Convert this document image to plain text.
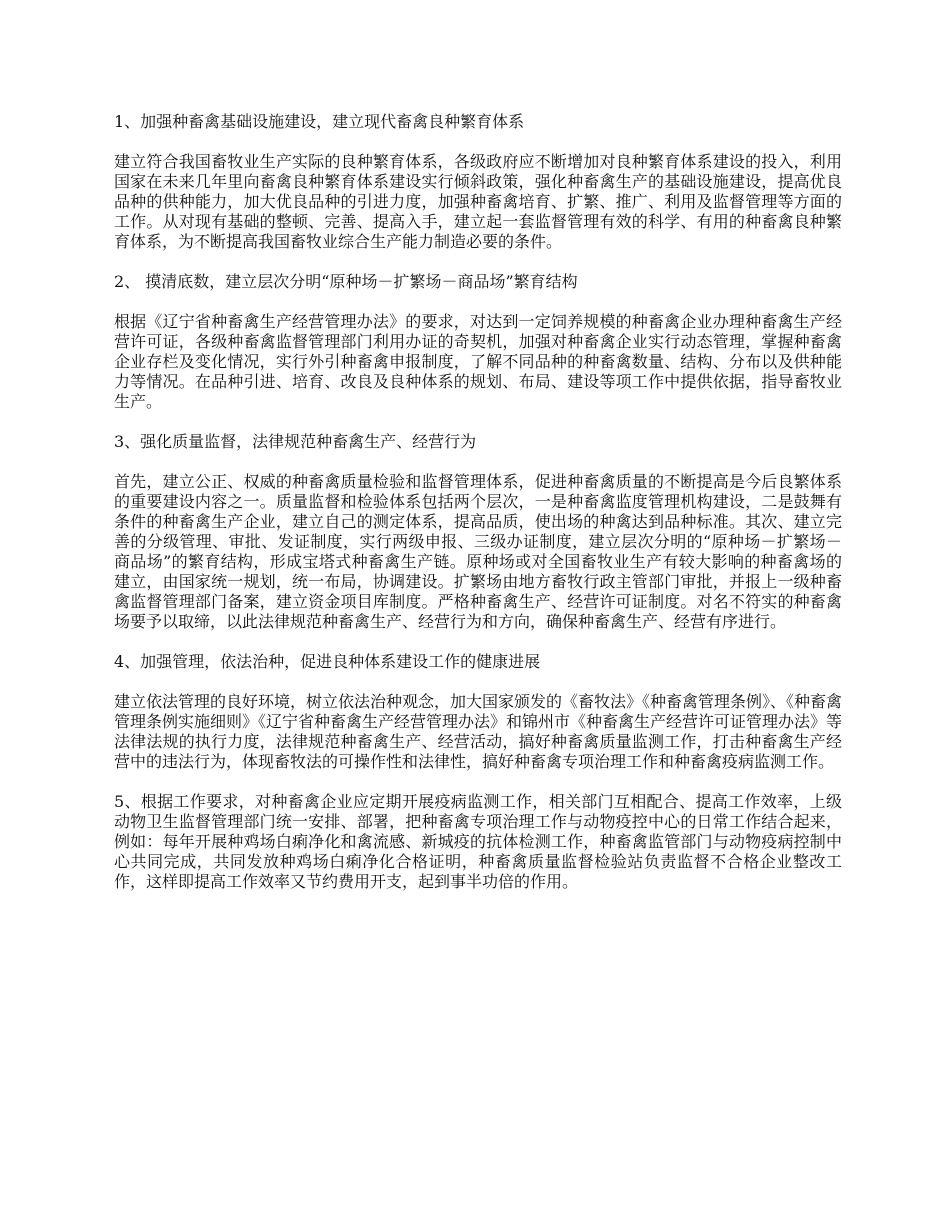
1、加强种畜禽基础设施建设，建立现代畜禽良种繁育体系

建立符合我国畜牧业生产实际的良种繁育体系，各级政府应不断增加对良种繁育体系建设的投入，利用国家在未来几年里向畜禽良种繁育体系建设实行倾斜政策，强化种畜禽生产的基础设施建设，提高优良品种的供种能力，加大优良品种的引进力度，加强种畜禽培育、扩繁、推广、利用及监督管理等方面的工作。从对现有基础的整顿、完善、提高入手，建立起一套监督管理有效的科学、有用的种畜禽良种繁育体系，为不断提高我国畜牧业综合生产能力制造必要的条件。

2、 摸清底数，建立层次分明“原种场－扩繁场－商品场”繁育结构

根据《辽宁省种畜禽生产经营管理办法》的要求，对达到一定饲养规模的种畜禽企业办理种畜禽生产经营许可证，各级种畜禽监督管理部门利用办证的奇契机，加强对种畜禽企业实行动态管理，掌握种畜禽企业存栏及变化情况，实行外引种畜禽申报制度，了解不同品种的种畜禽数量、结构、分布以及供种能力等情况。在品种引进、培育、改良及良种体系的规划、布局、建设等项工作中提供依据，指导畜牧业生产。

3、强化质量监督，法律规范种畜禽生产、经营行为

首先，建立公正、权威的种畜禽质量检验和监督管理体系，促进种畜禽质量的不断提高是今后良繁体系的重要建设内容之一。质量监督和检验体系包括两个层次，一是种畜禽监度管理机构建设，二是鼓舞有条件的种畜禽生产企业，建立自己的测定体系，提高品质，使出场的种禽达到品种标准。其次、建立完善的分级管理、审批、发证制度，实行两级申报、三级办证制度，建立层次分明的“原种场－扩繁场－商品场”的繁育结构，形成宝塔式种畜禽生产链。原种场或对全国畜牧业生产有较大影响的种畜禽场的建立，由国家统一规划，统一布局，协调建设。扩繁场由地方畜牧行政主管部门审批，并报上一级种畜禽监督管理部门备案，建立资金项目库制度。严格种畜禽生产、经营许可证制度。对名不符实的种畜禽场要予以取缔，以此法律规范种畜禽生产、经营行为和方向，确保种畜禽生产、经营有序进行。

4、加强管理，依法治种，促进良种体系建设工作的健康进展

建立依法管理的良好环境，树立依法治种观念，加大国家颁发的《畜牧法》《种畜禽管理条例》、《种畜禽管理条例实施细则》《辽宁省种畜禽生产经营管理办法》和锦州市《种畜禽生产经营许可证管理办法》等法律法规的执行力度，法律规范种畜禽生产、经营活动，搞好种畜禽质量监测工作，打击种畜禽生产经营中的违法行为，体现畜牧法的可操作性和法律性，搞好种畜禽专项治理工作和种畜禽疫病监测工作。

5、根据工作要求，对种畜禽企业应定期开展疫病监测工作，相关部门互相配合、提高工作效率，上级动物卫生监督管理部门统一安排、部署，把种畜禽专项治理工作与动物疫控中心的日常工作结合起来，例如：每年开展种鸡场白痢净化和禽流感、新城疫的抗体检测工作，种畜禽监管部门与动物疫病控制中心共同完成，共同发放种鸡场白痢净化合格证明，种畜禽质量监督检验站负责监督不合格企业整改工作，这样即提高工作效率又节约费用开支，起到事半功倍的作用。
